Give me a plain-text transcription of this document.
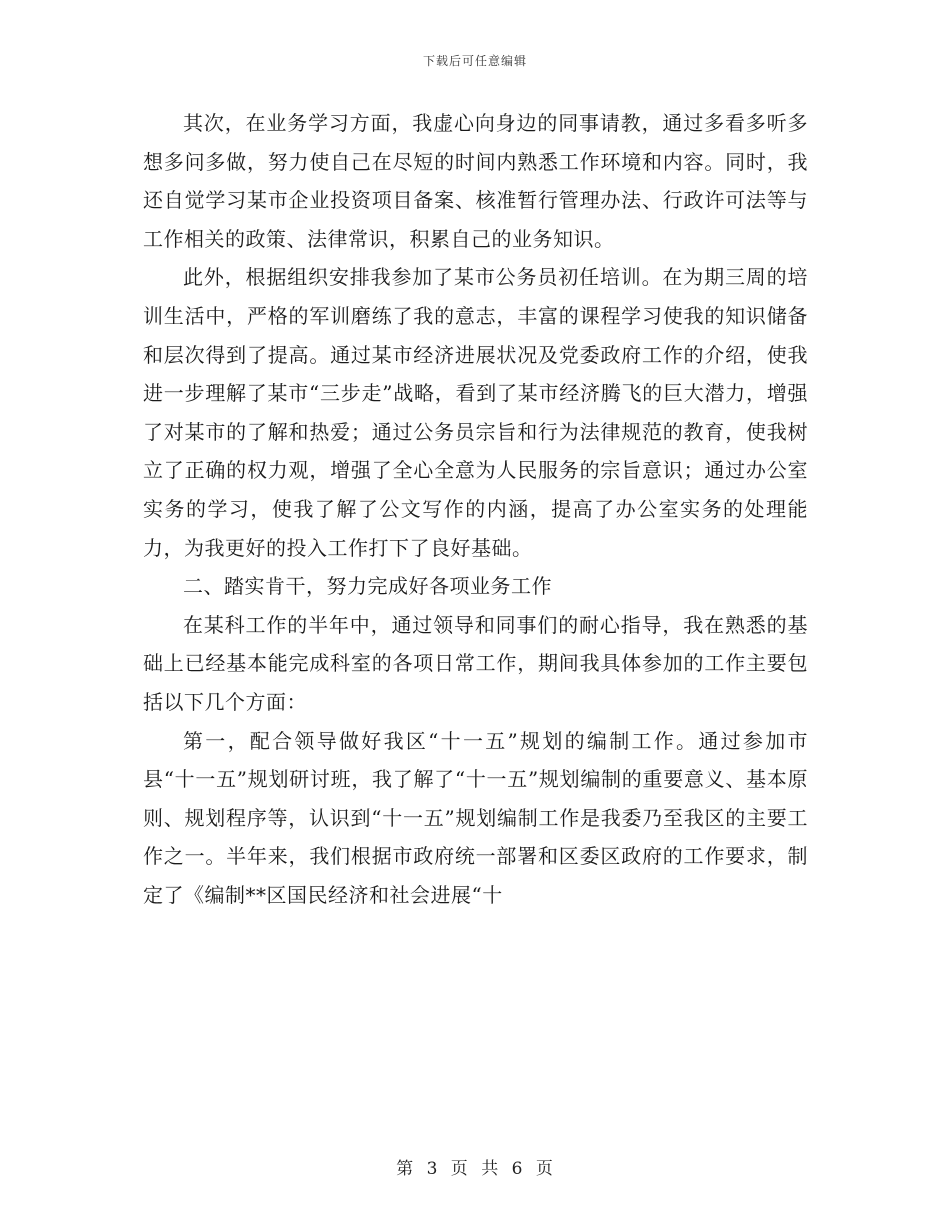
下载后可任意编辑

其次，在业务学习方面，我虚心向身边的同事请教，通过多看多听多想多问多做，努力使自己在尽短的时间内熟悉工作环境和内容。同时，我还自觉学习某市企业投资项目备案、核准暂行管理办法、行政许可法等与工作相关的政策、法律常识，积累自己的业务知识。

此外，根据组织安排我参加了某市公务员初任培训。在为期三周的培训生活中，严格的军训磨练了我的意志，丰富的课程学习使我的知识储备和层次得到了提高。通过某市经济进展状况及党委政府工作的介绍，使我进一步理解了某市“三步走”战略，看到了某市经济腾飞的巨大潜力，增强了对某市的了解和热爱；通过公务员宗旨和行为法律规范的教育，使我树立了正确的权力观，增强了全心全意为人民服务的宗旨意识；通过办公室实务的学习，使我了解了公文写作的内涵，提高了办公室实务的处理能力，为我更好的投入工作打下了良好基础。

二、踏实肯干，努力完成好各项业务工作

在某科工作的半年中，通过领导和同事们的耐心指导，我在熟悉的基础上已经基本能完成科室的各项日常工作，期间我具体参加的工作主要包括以下几个方面：

第一，配合领导做好我区“十一五”规划的编制工作。通过参加市县“十一五”规划研讨班，我了解了“十一五”规划编制的重要意义、基本原则、规划程序等，认识到“十一五”规划编制工作是我委乃至我区的主要工作之一。半年来，我们根据市政府统一部署和区委区政府的工作要求，制定了《编制**区国民经济和社会进展“十

第 3 页 共 6 页
